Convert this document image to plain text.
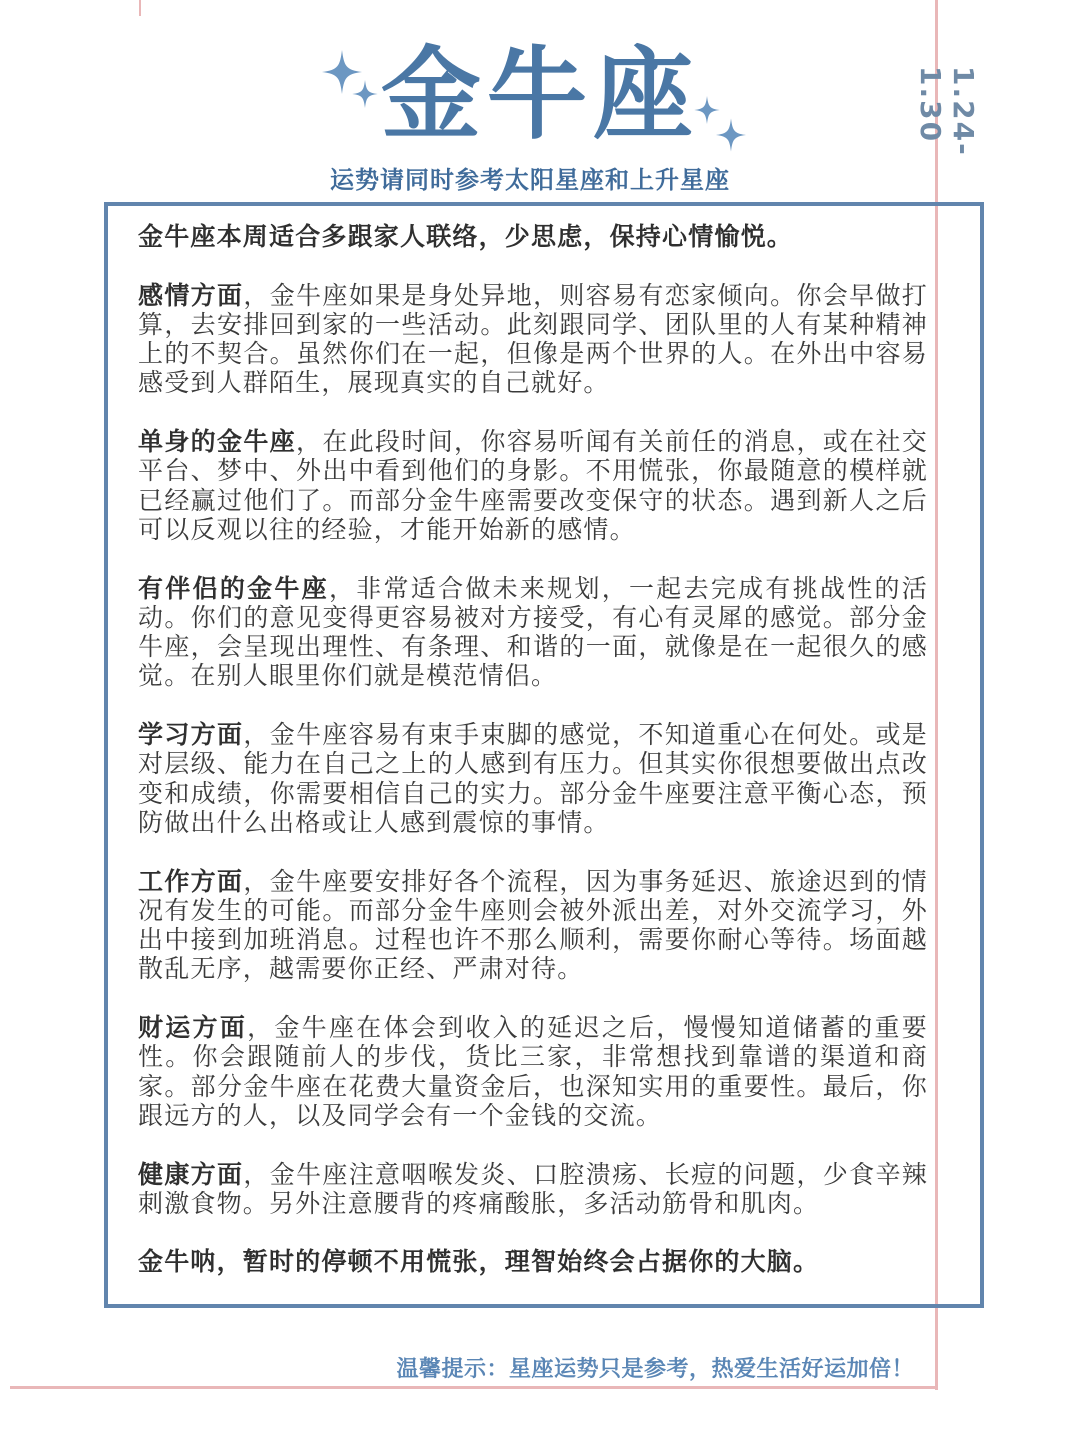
金牛座
运势请同时参考太阳星座和上升星座
1.24-1.30

金牛座本周适合多跟家人联络，少思虑，保持心情愉悦。

感情方面，金牛座如果是身处异地，则容易有恋家倾向。你会早做打算，去安排回到家的一些活动。此刻跟同学、团队里的人有某种精神上的不契合。虽然你们在一起，但像是两个世界的人。在外出中容易感受到人群陌生，展现真实的自己就好。

单身的金牛座，在此段时间，你容易听闻有关前任的消息，或在社交平台、梦中、外出中看到他们的身影。不用慌张，你最随意的模样就已经赢过他们了。而部分金牛座需要改变保守的状态。遇到新人之后可以反观以往的经验，才能开始新的感情。

有伴侣的金牛座，非常适合做未来规划，一起去完成有挑战性的活动。你们的意见变得更容易被对方接受，有心有灵犀的感觉。部分金牛座，会呈现出理性、有条理、和谐的一面，就像是在一起很久的感觉。在别人眼里你们就是模范情侣。

学习方面，金牛座容易有束手束脚的感觉，不知道重心在何处。或是对层级、能力在自己之上的人感到有压力。但其实你很想要做出点改变和成绩，你需要相信自己的实力。部分金牛座要注意平衡心态，预防做出什么出格或让人感到震惊的事情。

工作方面，金牛座要安排好各个流程，因为事务延迟、旅途迟到的情况有发生的可能。而部分金牛座则会被外派出差，对外交流学习，外出中接到加班消息。过程也许不那么顺利，需要你耐心等待。场面越散乱无序，越需要你正经、严肃对待。

财运方面，金牛座在体会到收入的延迟之后，慢慢知道储蓄的重要性。你会跟随前人的步伐，货比三家，非常想找到靠谱的渠道和商家。部分金牛座在花费大量资金后，也深知实用的重要性。最后，你跟远方的人，以及同学会有一个金钱的交流。

健康方面，金牛座注意咽喉发炎、口腔溃疡、长痘的问题，少食辛辣刺激食物。另外注意腰背的疼痛酸胀，多活动筋骨和肌肉。

金牛呐，暂时的停顿不用慌张，理智始终会占据你的大脑。

温馨提示：星座运势只是参考，热爱生活好运加倍！
